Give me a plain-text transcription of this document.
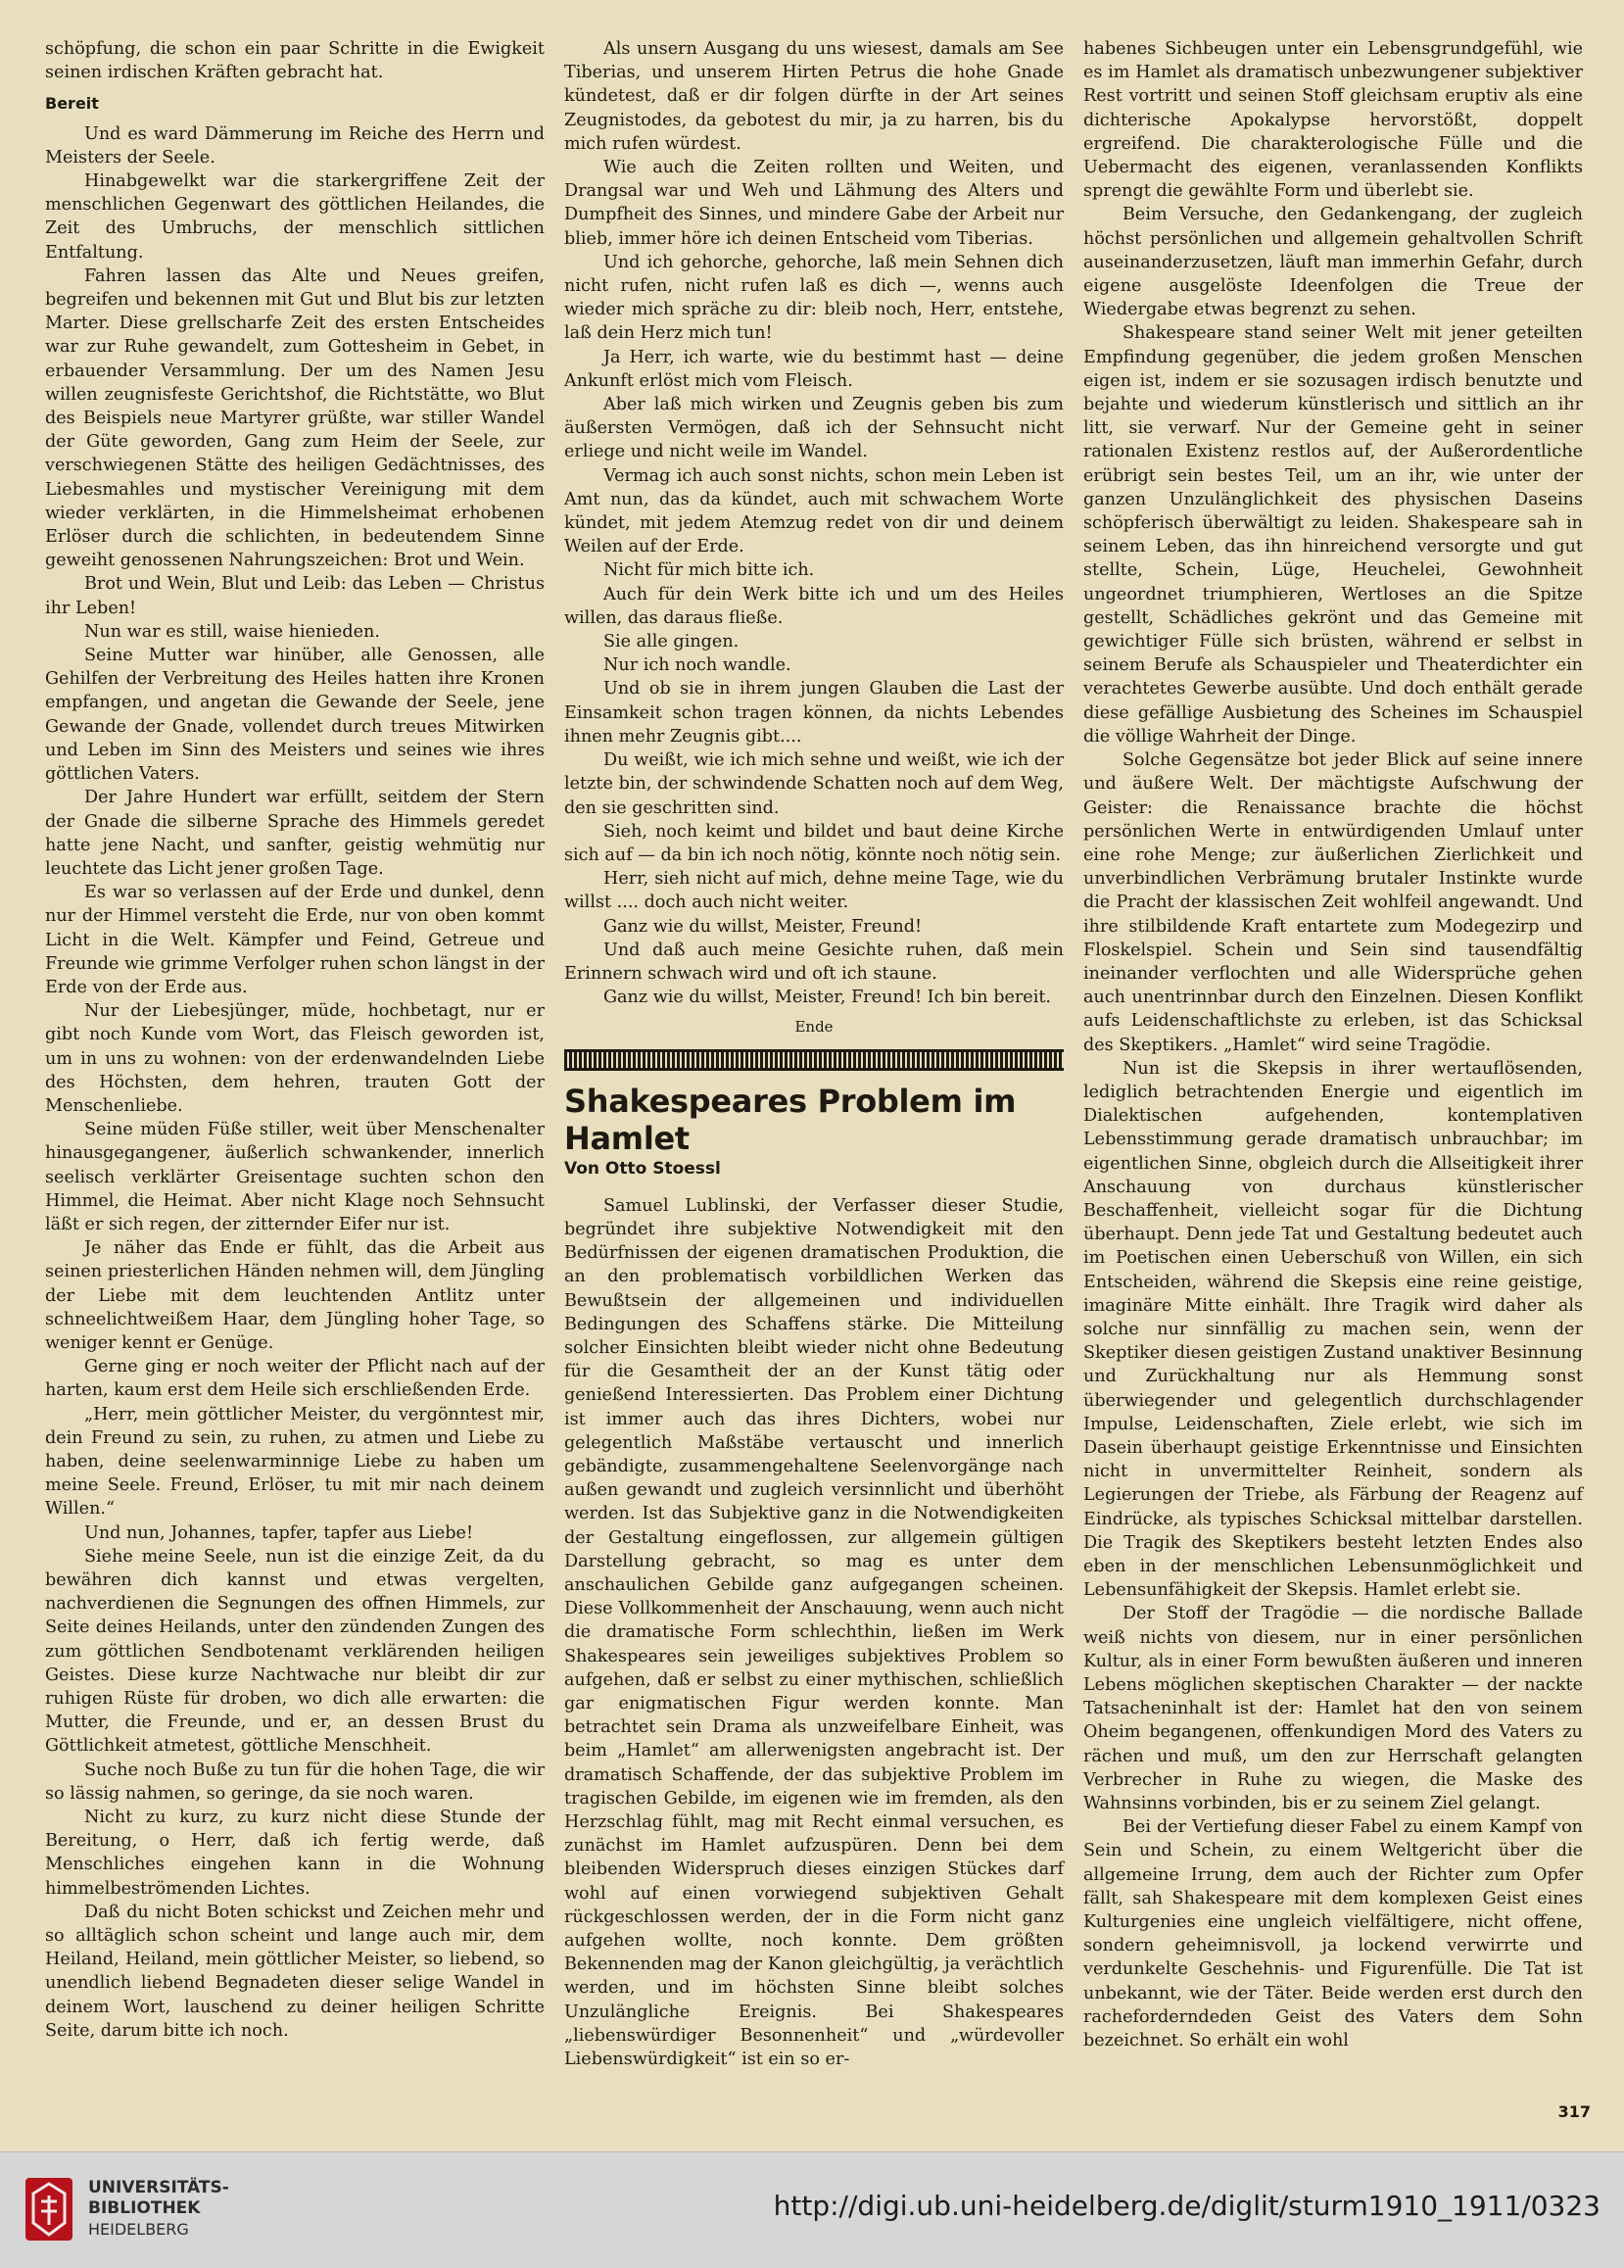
schöpfung, die schon ein paar Schritte in die Ewigkeit seinen irdischen Kräften gebracht hat.

Bereit

Und es ward Dämmerung im Reiche des Herrn und Meisters der Seele.

Hinabgewelkt war die starkergriffene Zeit der menschlichen Gegenwart des göttlichen Heilandes, die Zeit des Umbruchs, der menschlich sittlichen Entfaltung.

Fahren lassen das Alte und Neues greifen, begreifen und bekennen mit Gut und Blut bis zur letzten Marter. Diese grellscharfe Zeit des ersten Entscheides war zur Ruhe gewandelt, zum Gottesheim in Gebet, in erbauender Versammlung. Der um des Namen Jesu willen zeugnisfeste Gerichtshof, die Richtstätte, wo Blut des Beispiels neue Martyrer grüßte, war stiller Wandel der Güte geworden, Gang zum Heim der Seele, zur verschwiegenen Stätte des heiligen Gedächtnisses, des Liebesmahles und mystischer Vereinigung mit dem wieder verklärten, in die Himmelsheimat erhobenen Erlöser durch die schlichten, in bedeutendem Sinne geweiht genossenen Nahrungszeichen: Brot und Wein.

Brot und Wein, Blut und Leib: das Leben — Christus ihr Leben!

Nun war es still, waise hienieden.

Seine Mutter war hinüber, alle Genossen, alle Gehilfen der Verbreitung des Heiles hatten ihre Kronen empfangen, und angetan die Gewande der Seele, jene Gewande der Gnade, vollendet durch treues Mitwirken und Leben im Sinn des Meisters und seines wie ihres göttlichen Vaters.

Der Jahre Hundert war erfüllt, seitdem der Stern der Gnade die silberne Sprache des Himmels geredet hatte jene Nacht, und sanfter, geistig wehmütig nur leuchtete das Licht jener großen Tage.

Es war so verlassen auf der Erde und dunkel, denn nur der Himmel versteht die Erde, nur von oben kommt Licht in die Welt. Kämpfer und Feind, Getreue und Freunde wie grimme Verfolger ruhen schon längst in der Erde von der Erde aus.

Nur der Liebesjünger, müde, hochbetagt, nur er gibt noch Kunde vom Wort, das Fleisch geworden ist, um in uns zu wohnen: von der erdenwandelnden Liebe des Höchsten, dem hehren, trauten Gott der Menschenliebe.

Seine müden Füße stiller, weit über Menschenalter hinausgegangener, äußerlich schwankender, innerlich seelisch verklärter Greisentage suchten schon den Himmel, die Heimat. Aber nicht Klage noch Sehnsucht läßt er sich regen, der zitternder Eifer nur ist.

Je näher das Ende er fühlt, das die Arbeit aus seinen priesterlichen Händen nehmen will, dem Jüngling der Liebe mit dem leuchtenden Antlitz unter schneelichtweißem Haar, dem Jüngling hoher Tage, so weniger kennt er Genüge.

Gerne ging er noch weiter der Pflicht nach auf der harten, kaum erst dem Heile sich erschließenden Erde.

„Herr, mein göttlicher Meister, du vergönntest mir, dein Freund zu sein, zu ruhen, zu atmen und Liebe zu haben, deine seelenwarminnige Liebe zu haben um meine Seele. Freund, Erlöser, tu mit mir nach deinem Willen.“

Und nun, Johannes, tapfer, tapfer aus Liebe!

Siehe meine Seele, nun ist die einzige Zeit, da du bewähren dich kannst und etwas vergelten, nachverdienen die Segnungen des offnen Himmels, zur Seite deines Heilands, unter den zündenden Zungen des zum göttlichen Sendbotenamt verklärenden heiligen Geistes. Diese kurze Nachtwache nur bleibt dir zur ruhigen Rüste für droben, wo dich alle erwarten: die Mutter, die Freunde, und er, an dessen Brust du Göttlichkeit atmetest, göttliche Menschheit.

Suche noch Buße zu tun für die hohen Tage, die wir so lässig nahmen, so geringe, da sie noch waren.

Nicht zu kurz, zu kurz nicht diese Stunde der Bereitung, o Herr, daß ich fertig werde, daß Menschliches eingehen kann in die Wohnung himmelbeströmenden Lichtes.

Daß du nicht Boten schickst und Zeichen mehr und so alltäglich schon scheint und lange auch mir, dem Heiland, Heiland, mein göttlicher Meister, so liebend, so unendlich liebend Begnadeten dieser selige Wandel in deinem Wort, lauschend zu deiner heiligen Schritte Seite, darum bitte ich noch.

Als unsern Ausgang du uns wiesest, damals am See Tiberias, und unserem Hirten Petrus die hohe Gnade kündetest, daß er dir folgen dürfte in der Art seines Zeugnistodes, da gebotest du mir, ja zu harren, bis du mich rufen würdest.

Wie auch die Zeiten rollten und Weiten, und Drangsal war und Weh und Lähmung des Alters und Dumpfheit des Sinnes, und mindere Gabe der Arbeit nur blieb, immer höre ich deinen Entscheid vom Tiberias.

Und ich gehorche, gehorche, laß mein Sehnen dich nicht rufen, nicht rufen laß es dich —, wenns auch wieder mich spräche zu dir: bleib noch, Herr, entstehe, laß dein Herz mich tun!

Ja Herr, ich warte, wie du bestimmt hast — deine Ankunft erlöst mich vom Fleisch.

Aber laß mich wirken und Zeugnis geben bis zum äußersten Vermögen, daß ich der Sehnsucht nicht erliege und nicht weile im Wandel.

Vermag ich auch sonst nichts, schon mein Leben ist Amt nun, das da kündet, auch mit schwachem Worte kündet, mit jedem Atemzug redet von dir und deinem Weilen auf der Erde.

Nicht für mich bitte ich.

Auch für dein Werk bitte ich und um des Heiles willen, das daraus fließe.

Sie alle gingen.

Nur ich noch wandle.

Und ob sie in ihrem jungen Glauben die Last der Einsamkeit schon tragen können, da nichts Lebendes ihnen mehr Zeugnis gibt....

Du weißt, wie ich mich sehne und weißt, wie ich der letzte bin, der schwindende Schatten noch auf dem Weg, den sie geschritten sind.

Sieh, noch keimt und bildet und baut deine Kirche sich auf — da bin ich noch nötig, könnte noch nötig sein.

Herr, sieh nicht auf mich, dehne meine Tage, wie du willst .... doch auch nicht weiter.

Ganz wie du willst, Meister, Freund!

Und daß auch meine Gesichte ruhen, daß mein Erinnern schwach wird und oft ich staune.

Ganz wie du willst, Meister, Freund! Ich bin bereit.

Ende

Shakespeares Problem im Hamlet

Von Otto Stoessl

Samuel Lublinski, der Verfasser dieser Studie, begründet ihre subjektive Notwendigkeit mit den Bedürfnissen der eigenen dramatischen Produktion, die an den problematisch vorbildlichen Werken das Bewußtsein der allgemeinen und individuellen Bedingungen des Schaffens stärke. Die Mitteilung solcher Einsichten bleibt wieder nicht ohne Bedeutung für die Gesamtheit der an der Kunst tätig oder genießend Interessierten. Das Problem einer Dichtung ist immer auch das ihres Dichters, wobei nur gelegentlich Maßstäbe vertauscht und innerlich gebändigte, zusammengehaltene Seelenvorgänge nach außen gewandt und zugleich versinnlicht und überhöht werden. Ist das Subjektive ganz in die Notwendigkeiten der Gestaltung eingeflossen, zur allgemein gültigen Darstellung gebracht, so mag es unter dem anschaulichen Gebilde ganz aufgegangen scheinen. Diese Vollkommenheit der Anschauung, wenn auch nicht die dramatische Form schlechthin, ließen im Werk Shakespeares sein jeweiliges subjektives Problem so aufgehen, daß er selbst zu einer mythischen, schließlich gar enigmatischen Figur werden konnte. Man betrachtet sein Drama als unzweifelbare Einheit, was beim „Hamlet“ am allerwenigsten angebracht ist. Der dramatisch Schaffende, der das subjektive Problem im tragischen Gebilde, im eigenen wie im fremden, als den Herzschlag fühlt, mag mit Recht einmal versuchen, es zunächst im Hamlet aufzuspüren. Denn bei dem bleibenden Widerspruch dieses einzigen Stückes darf wohl auf einen vorwiegend subjektiven Gehalt rückgeschlossen werden, der in die Form nicht ganz aufgehen wollte, noch konnte. Dem größten Bekennenden mag der Kanon gleichgültig, ja verächtlich werden, und im höchsten Sinne bleibt solches Unzulängliche Ereignis. Bei Shakespeares „liebenswürdiger Besonnenheit“ und „würdevoller Liebenswürdigkeit“ ist ein so er-

habenes Sichbeugen unter ein Lebensgrundgefühl, wie es im Hamlet als dramatisch unbezwungener subjektiver Rest vortritt und seinen Stoff gleichsam eruptiv als eine dichterische Apokalypse hervorstößt, doppelt ergreifend. Die charakterologische Fülle und die Uebermacht des eigenen, veranlassenden Konflikts sprengt die gewählte Form und überlebt sie.

Beim Versuche, den Gedankengang, der zugleich höchst persönlichen und allgemein gehaltvollen Schrift auseinanderzusetzen, läuft man immerhin Gefahr, durch eigene ausgelöste Ideenfolgen die Treue der Wiedergabe etwas begrenzt zu sehen.

Shakespeare stand seiner Welt mit jener geteilten Empfindung gegenüber, die jedem großen Menschen eigen ist, indem er sie sozusagen irdisch benutzte und bejahte und wiederum künstlerisch und sittlich an ihr litt, sie verwarf. Nur der Gemeine geht in seiner rationalen Existenz restlos auf, der Außerordentliche erübrigt sein bestes Teil, um an ihr, wie unter der ganzen Unzulänglichkeit des physischen Daseins schöpferisch überwältigt zu leiden. Shakespeare sah in seinem Leben, das ihn hinreichend versorgte und gut stellte, Schein, Lüge, Heuchelei, Gewohnheit ungeordnet triumphieren, Wertloses an die Spitze gestellt, Schädliches gekrönt und das Gemeine mit gewichtiger Fülle sich brüsten, während er selbst in seinem Berufe als Schauspieler und Theaterdichter ein verachtetes Gewerbe ausübte. Und doch enthält gerade diese gefällige Ausbietung des Scheines im Schauspiel die völlige Wahrheit der Dinge.

Solche Gegensätze bot jeder Blick auf seine innere und äußere Welt. Der mächtigste Aufschwung der Geister: die Renaissance brachte die höchst persönlichen Werte in entwürdigenden Umlauf unter eine rohe Menge; zur äußerlichen Zierlichkeit und unverbindlichen Verbrämung brutaler Instinkte wurde die Pracht der klassischen Zeit wohlfeil angewandt. Und ihre stilbildende Kraft entartete zum Modegezirp und Floskelspiel. Schein und Sein sind tausendfältig ineinander verflochten und alle Widersprüche gehen auch unentrinnbar durch den Einzelnen. Diesen Konflikt aufs Leidenschaftlichste zu erleben, ist das Schicksal des Skeptikers. „Hamlet“ wird seine Tragödie.

Nun ist die Skepsis in ihrer wertauflösenden, lediglich betrachtenden Energie und eigentlich im Dialektischen aufgehenden, kontemplativen Lebensstimmung gerade dramatisch unbrauchbar; im eigentlichen Sinne, obgleich durch die Allseitigkeit ihrer Anschauung von durchaus künstlerischer Beschaffenheit, vielleicht sogar für die Dichtung überhaupt. Denn jede Tat und Gestaltung bedeutet auch im Poetischen einen Ueberschuß von Willen, ein sich Entscheiden, während die Skepsis eine reine geistige, imaginäre Mitte einhält. Ihre Tragik wird daher als solche nur sinnfällig zu machen sein, wenn der Skeptiker diesen geistigen Zustand unaktiver Besinnung und Zurückhaltung nur als Hemmung sonst überwiegender und gelegentlich durchschlagender Impulse, Leidenschaften, Ziele erlebt, wie sich im Dasein überhaupt geistige Erkenntnisse und Einsichten nicht in unvermittelter Reinheit, sondern als Legierungen der Triebe, als Färbung der Reagenz auf Eindrücke, als typisches Schicksal mittelbar darstellen. Die Tragik des Skeptikers besteht letzten Endes also eben in der menschlichen Lebensunmöglichkeit und Lebensunfähigkeit der Skepsis. Hamlet erlebt sie.

Der Stoff der Tragödie — die nordische Ballade weiß nichts von diesem, nur in einer persönlichen Kultur, als in einer Form bewußten äußeren und inneren Lebens möglichen skeptischen Charakter — der nackte Tatsacheninhalt ist der: Hamlet hat den von seinem Oheim begangenen, offenkundigen Mord des Vaters zu rächen und muß, um den zur Herrschaft gelangten Verbrecher in Ruhe zu wiegen, die Maske des Wahnsinns vorbinden, bis er zu seinem Ziel gelangt.

Bei der Vertiefung dieser Fabel zu einem Kampf von Sein und Schein, zu einem Weltgericht über die allgemeine Irrung, dem auch der Richter zum Opfer fällt, sah Shakespeare mit dem komplexen Geist eines Kulturgenies eine ungleich vielfältigere, nicht offene, sondern geheimnisvoll, ja lockend verwirrte und verdunkelte Geschehnis- und Figurenfülle. Die Tat ist unbekannt, wie der Täter. Beide werden erst durch den racheforderndeden Geist des Vaters dem Sohn bezeichnet. So erhält ein wohl

317
UNIVERSITÄTS-
BIBLIOTHEK
HEIDELBERG
http://digi.ub.uni-heidelberg.de/diglit/sturm1910_1911/0323
